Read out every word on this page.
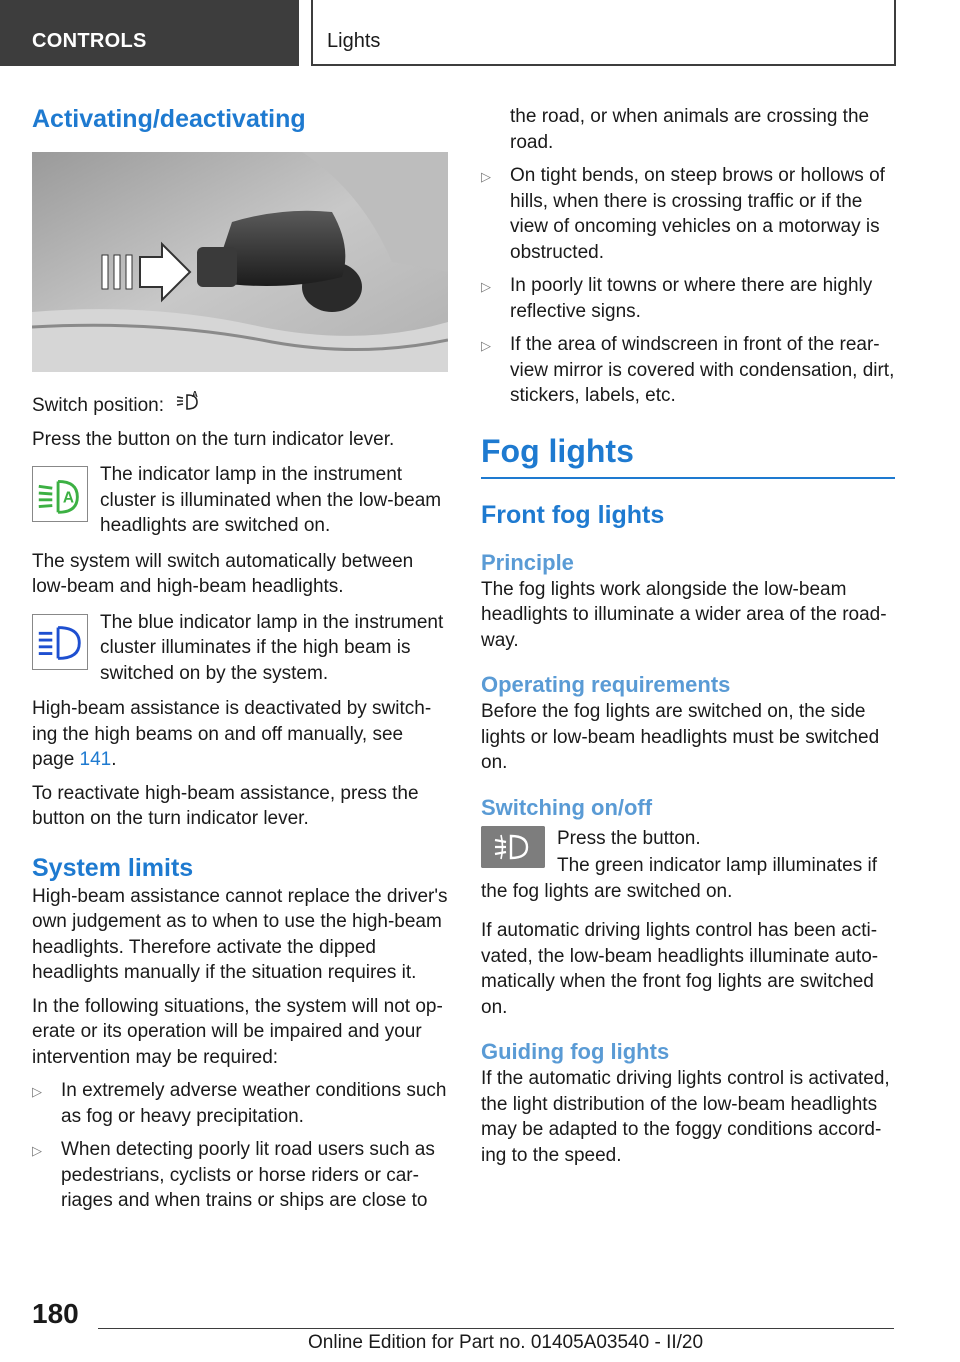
CONTROLS	Lights
Activating/deactivating

Switch position:
A

Press the button on the turn indicator lever.

A

The indicator lamp in the instrument cluster is illuminated when the low-beam headlights are switched on.

The system will switch automatically between low-beam and high-beam headlights.

The blue indicator lamp in the instrument cluster illuminates if the high beam is switched on by the system.

High-beam assistance is deactivated by switching the high beams on and off manually, see page 141.

To reactivate high-beam assistance, press the button on the turn indicator lever.

System limits

High-beam assistance cannot replace the driver's own judgement as to when to use the high-beam headlights. Therefore activate the dipped headlights manually if the situation requires it.

In the following situations, the system will not operate or its operation will be impaired and your intervention may be required:

▷	In extremely adverse weather conditions such as fog or heavy precipitation.
▷	When detecting poorly lit road users such as pedestrians, cyclists or horse riders or carriages and when trains or ships are close to

the road, or when animals are crossing the road.

▷	On tight bends, on steep brows or hollows of hills, when there is crossing traffic or if the view of oncoming vehicles on a motorway is obstructed.
▷	In poorly lit towns or where there are highly reflective signs.
▷	If the area of windscreen in front of the rear-view mirror is covered with condensation, dirt, stickers, labels, etc.
Fog lights
Front fog lights
Principle

The fog lights work alongside the low-beam headlights to illuminate a wider area of the roadway.

Operating requirements

Before the fog lights are switched on, the side lights or low-beam headlights must be switched on.

Switching on/off

Press the button.

The green indicator lamp illuminates if

the fog lights are switched on.

If automatic driving lights control has been activated, the low-beam headlights illuminate automatically when the front fog lights are switched on.

Guiding fog lights

If the automatic driving lights control is activated, the light distribution of the low-beam headlights may be adapted to the foggy conditions according to the speed.

180
Online Edition for Part no. 01405A03540 - II/20
